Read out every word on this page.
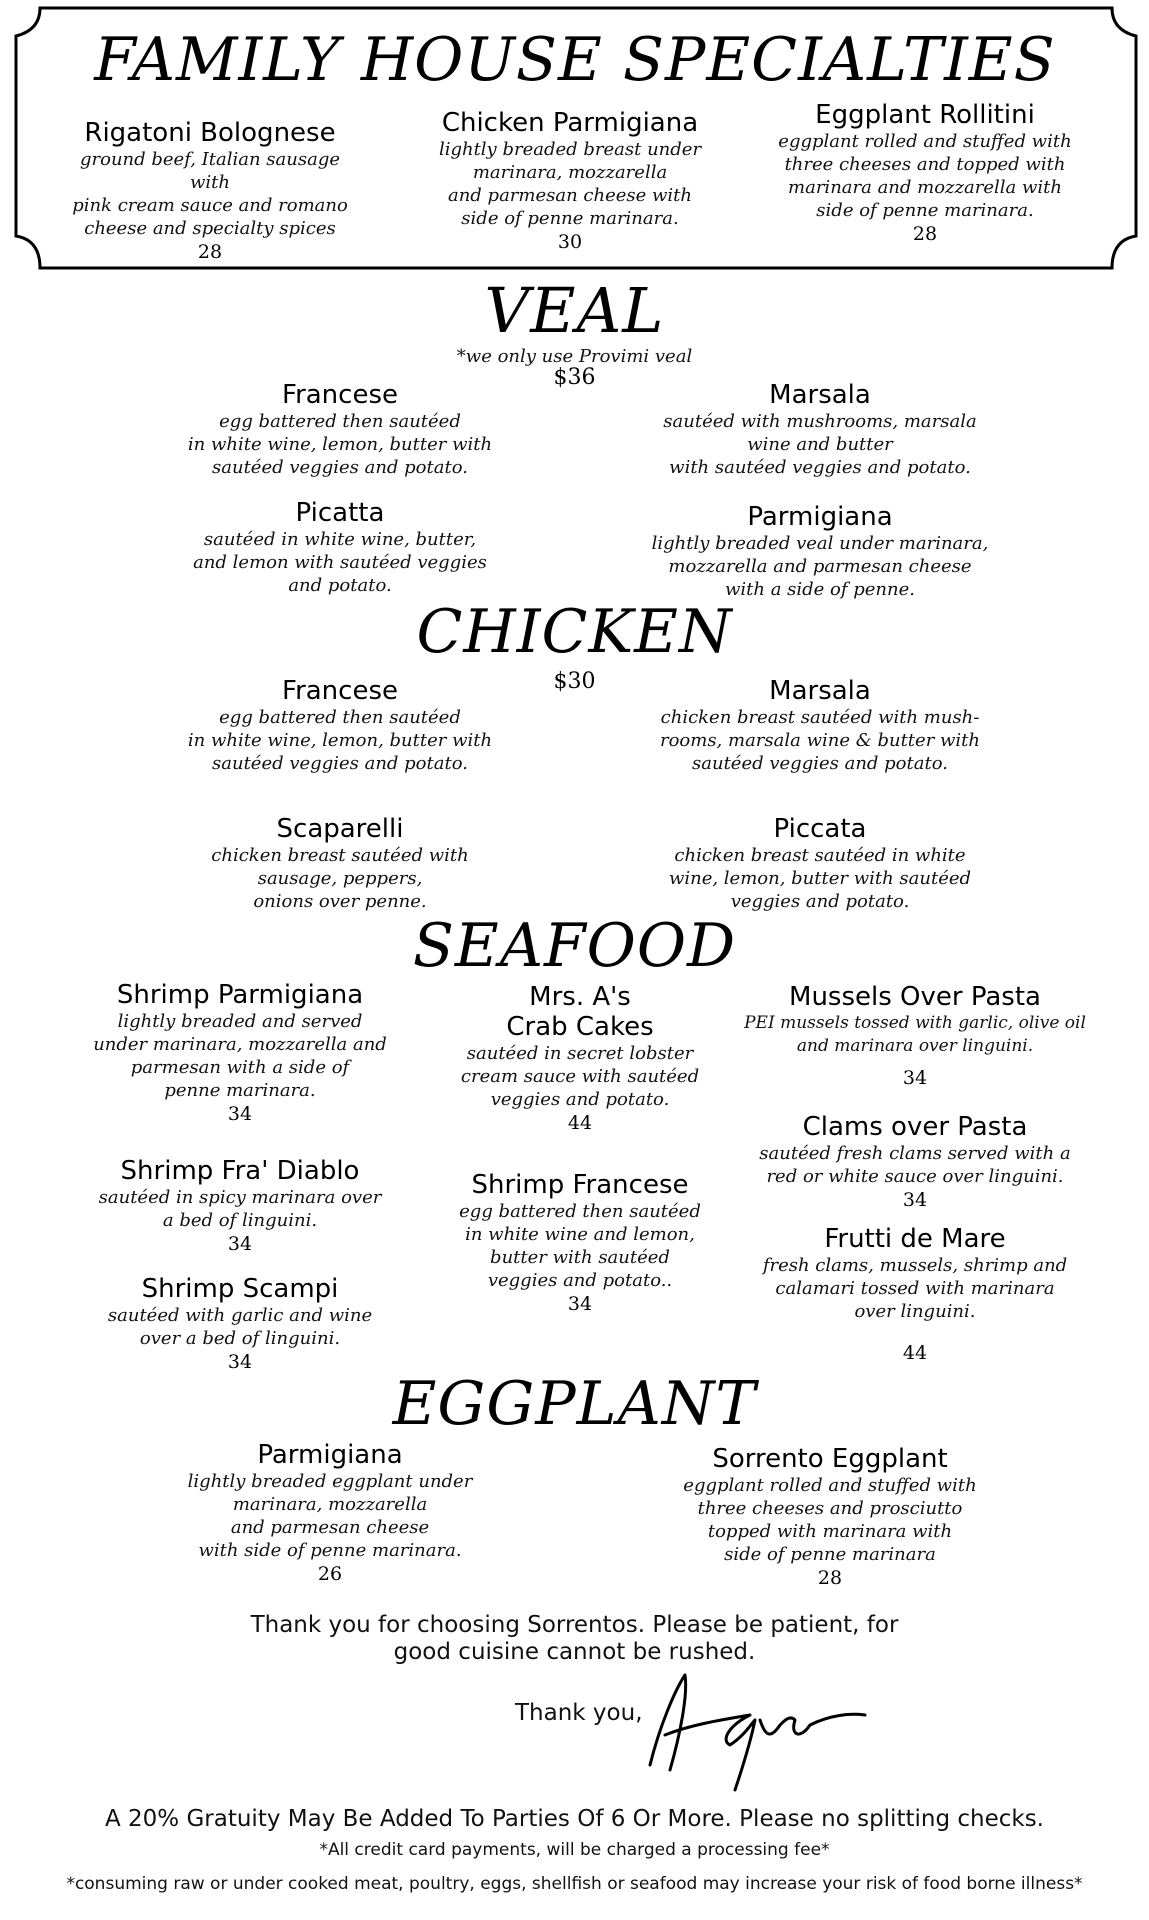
FAMILY HOUSE SPECIALTIES
Rigatoni Bolognese
ground beef, Italian sausage with
pink cream sauce and romano
cheese and specialty spices
28
Chicken Parmigiana
lightly breaded breast under
marinara, mozzarella
and parmesan cheese with
side of penne marinara.
30
Eggplant Rollitini
eggplant rolled and stuffed with
three cheeses and topped with
marinara and mozzarella with
side of penne marinara.
28
VEAL
*we only use Provimi veal
$36
Francese
egg battered then sautéed
in white wine, lemon, butter with
sautéed veggies and potato.
Marsala
sautéed with mushrooms, marsala
wine and butter
with sautéed veggies and potato.
Picatta
sautéed in white wine, butter,
and lemon with sautéed veggies
and potato.
Parmigiana
lightly breaded veal under marinara,
mozzarella and parmesan cheese
with a side of penne.
CHICKEN
$30
Francese
egg battered then sautéed
in white wine, lemon, butter with
sautéed veggies and potato.
Marsala
chicken breast sautéed with mush-
rooms, marsala wine & butter with
sautéed veggies and potato.
Scaparelli
chicken breast sautéed with
sausage, peppers,
onions over penne.
Piccata
chicken breast sautéed in white
wine, lemon, butter with sautéed
veggies and potato.
SEAFOOD
Shrimp Parmigiana
lightly breaded and served
under marinara, mozzarella and
parmesan with a side of
penne marinara.
34
Shrimp Fra' Diablo
sautéed in spicy marinara over
a bed of linguini.
34
Shrimp Scampi
sautéed with garlic and wine
over a bed of linguini.
34
Mrs. A's
Crab Cakes
sautéed in secret lobster
cream sauce with sautéed
veggies and potato.
44
Shrimp Francese
egg battered then sautéed
in white wine and lemon,
butter with sautéed
veggies and potato..
34
Mussels Over Pasta
PEI mussels tossed with garlic, olive oil
and marinara over linguini.
34
Clams over Pasta
sautéed fresh clams served with a
red or white sauce over linguini.
34
Frutti de Mare
fresh clams, mussels, shrimp and
calamari tossed with marinara
over linguini.
44
EGGPLANT
Parmigiana
lightly breaded eggplant under
marinara, mozzarella
and parmesan cheese
with side of penne marinara.
26
Sorrento Eggplant
eggplant rolled and stuffed with
three cheeses and prosciutto
topped with marinara with
side of penne marinara
28
Thank you for choosing Sorrentos. Please be patient, for
good cuisine cannot be rushed.
Thank you,
A 20% Gratuity May Be Added To Parties Of 6 Or More. Please no splitting checks.
*All credit card payments, will be charged a processing fee*
*consuming raw or under cooked meat, poultry, eggs, shellfish or seafood may increase your risk of food borne illness*
